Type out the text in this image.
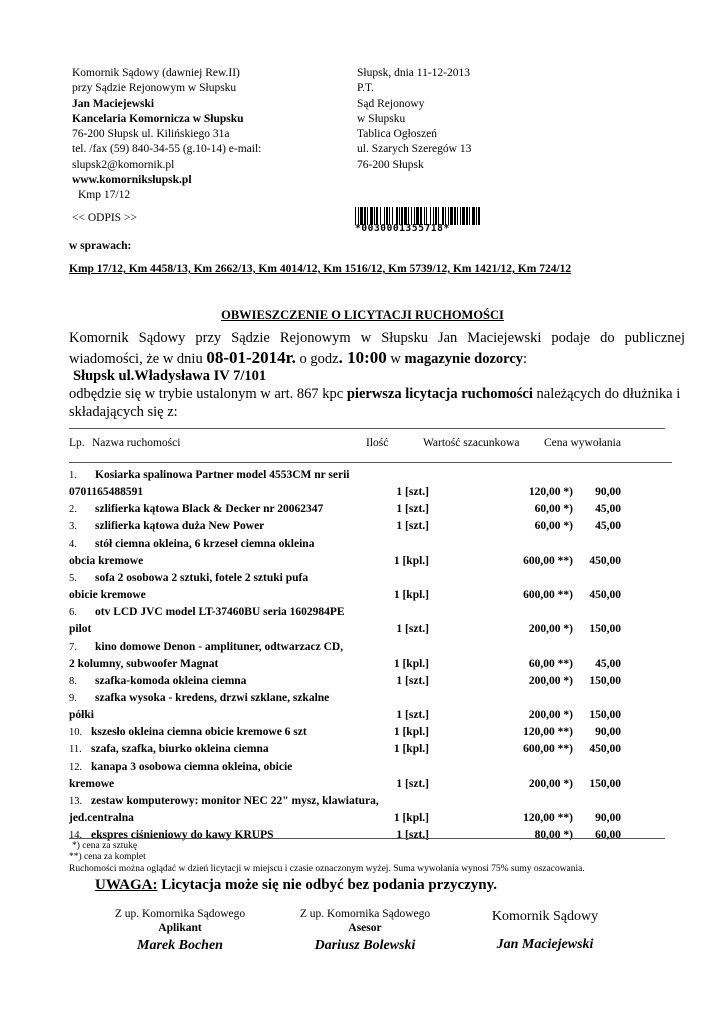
Komornik Sądowy (dawniej Rew.II)
przy Sądzie Rejonowym w Słupsku
Jan Maciejewski
Kancelaria Komornicza w Słupsku
76-200 Słupsk ul. Kilińskiego 31a
tel. /fax (59) 840-34-55 (g.10-14) e-mail:
slupsk2@komornik.pl
www.komorniksłupsk.pl
Kmp 17/12
Słupsk, dnia 11-12-2013
P.T.
Sąd Rejonowy
w Słupsku
Tablica Ogłoszeń
ul. Szarych Szeregów 13
76-200 Słupsk
<< ODPIS >>
*0030001355718*
w sprawach:
Kmp 17/12, Km 4458/13, Km 2662/13, Km 4014/12, Km 1516/12, Km 5739/12, Km 1421/12, Km 724/12
OBWIESZCZENIE O LICYTACJI RUCHOMOŚCI
Komornik Sądowy przy Sądzie Rejonowym w Słupsku Jan Maciejewski podaje do publicznej
wiadomości, że w dniu 08-01-2014r. o godz. 10:00 w magazynie dozorcy:
Słupsk ul.Władysława IV 7/101
odbędzie się w trybie ustalonym w art. 867 kpc pierwsza licytacja ruchomości należących do dłużnika i
składających się z:
Lp. Nazwa ruchomości	Ilość	Wartość szacunkowa Cena wywołania
1. Kosiarka spalinowa Partner model 4553CM nr serii
0701165488591	1 [szt.]	120,00 *) 90,00
2. szlifierka kątowa Black & Decker nr 20062347	1 [szt.]	60,00 *) 45,00
3. szlifierka kątowa duża New Power	1 [szt.]	60,00 *) 45,00
4. stół ciemna okleina, 6 krzeseł ciemna okleina
obcia kremowe	1 [kpl.]	600,00 **) 450,00
5. sofa 2 osobowa 2 sztuki, fotele 2 sztuki pufa
obicie kremowe	1 [kpl.]	600,00 **) 450,00
6. otv LCD JVC model LT-37460BU seria 1602984PE
pilot	1 [szt.]	200,00 *) 150,00
7. kino domowe Denon - amplituner, odtwarzacz CD,
2 kolumny, subwoofer Magnat	1 [kpl.]	60,00 **) 45,00
8. szafka-komoda okleina ciemna	1 [szt.]	200,00 *) 150,00
9. szafka wysoka - kredens, drzwi szklane, szkalne
półki	1 [szt.]	200,00 *) 150,00
10. kszesło okleina ciemna obicie kremowe 6 szt	1 [kpl.]	120,00 **) 90,00
11. szafa, szafka, biurko okleina ciemna	1 [kpl.]	600,00 **) 450,00
12. kanapa 3 osobowa ciemna okleina, obicie
kremowe	1 [szt.]	200,00 *) 150,00
13. zestaw komputerowy: monitor NEC 22" mysz, klawiatura,
jed.centralna	1 [kpl.]	120,00 **) 90,00
14. ekspres ciśnieniowy do kawy KRUPS	1 [szt.]	80,00 *) 60,00
*) cena za sztukę
**) cena za komplet
Ruchomości można oglądać w dzień licytacji w miejscu i czasie oznaczonym wyżej. Suma wywołania wynosi 75% sumy oszacowania.
UWAGA: Licytacja może się nie odbyć bez podania przyczyny.
Z up. Komornika Sądowego
Aplikant
Marek Bochen
Z up. Komornika Sądowego
Asesor
Dariusz Bolewski
Komornik Sądowy
Jan Maciejewski
